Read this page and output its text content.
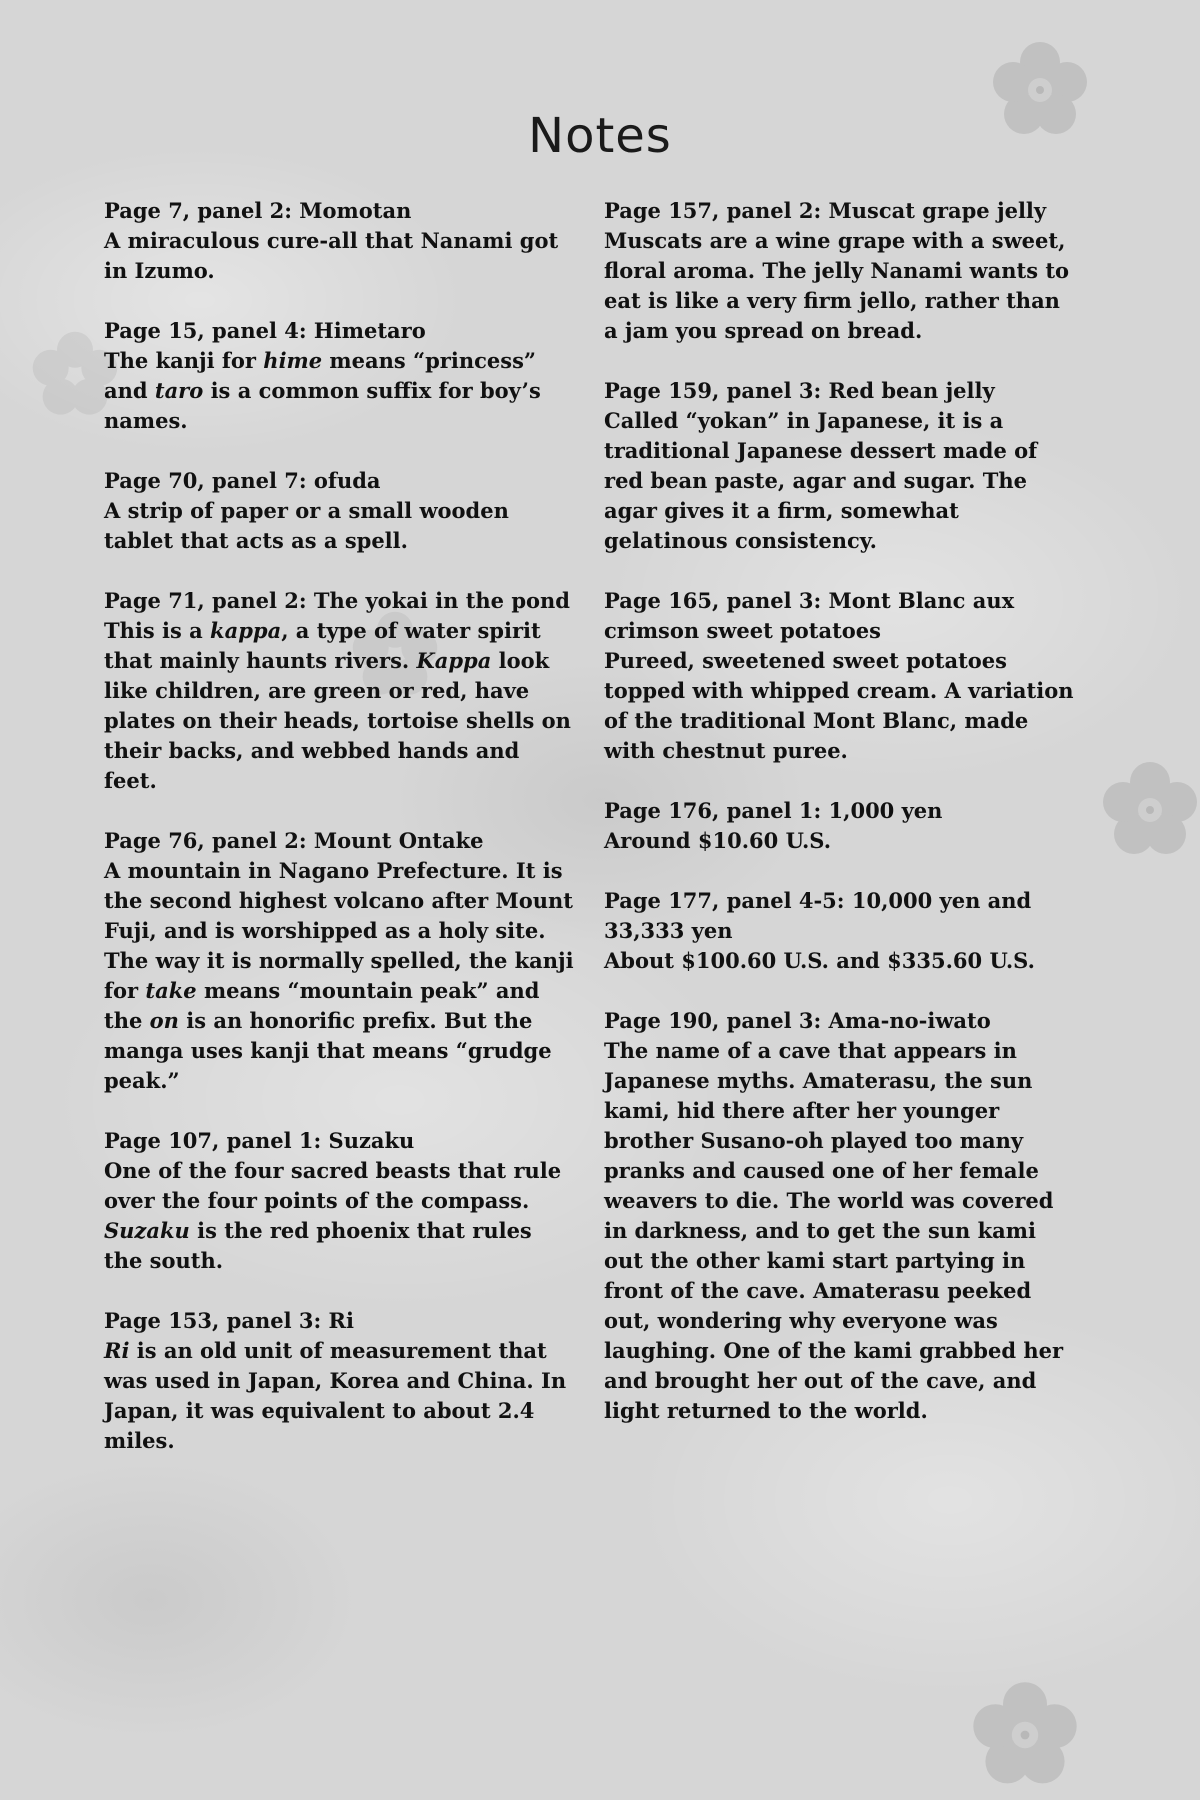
Notes

Page 7, panel 2: Momotan

A miraculous cure-all that Nanami got in Izumo.

Page 15, panel 4: Himetaro

The kanji for hime means “princess” and taro is a common suffix for boy’s names.

Page 70, panel 7: ofuda

A strip of paper or a small wooden tablet that acts as a spell.

Page 71, panel 2: The yokai in the pond

This is a kappa, a type of water spirit that mainly haunts rivers. Kappa look like children, are green or red, have plates on their heads, tortoise shells on their backs, and webbed hands and feet.

Page 76, panel 2: Mount Ontake

A mountain in Nagano Prefecture. It is the second highest volcano after Mount Fuji, and is worshipped as a holy site. The way it is normally spelled, the kanji for take means “mountain peak” and the on is an honorific prefix. But the manga uses kanji that means “grudge peak.”

Page 107, panel 1: Suzaku

One of the four sacred beasts that rule over the four points of the compass. Suzaku is the red phoenix that rules the south.

Page 153, panel 3: Ri

Ri is an old unit of measurement that was used in Japan, Korea and China. In Japan, it was equivalent to about 2.4 miles.

Page 157, panel 2: Muscat grape jelly

Muscats are a wine grape with a sweet, floral aroma. The jelly Nanami wants to eat is like a very firm jello, rather than a jam you spread on bread.

Page 159, panel 3: Red bean jelly

Called “yokan” in Japanese, it is a traditional Japanese dessert made of red bean paste, agar and sugar. The agar gives it a firm, somewhat gelatinous consistency.

Page 165, panel 3: Mont Blanc aux crimson sweet potatoes

Pureed, sweetened sweet potatoes topped with whipped cream. A variation of the traditional Mont Blanc, made with chestnut puree.

Page 176, panel 1: 1,000 yen

Around $10.60 U.S.

Page 177, panel 4-5: 10,000 yen and 33,333 yen

About $100.60 U.S. and $335.60 U.S.

Page 190, panel 3: Ama-no-iwato

The name of a cave that appears in Japanese myths. Amaterasu, the sun kami, hid there after her younger brother Susano-oh played too many pranks and caused one of her female weavers to die. The world was covered in darkness, and to get the sun kami out the other kami start partying in front of the cave. Amaterasu peeked out, wondering why everyone was laughing. One of the kami grabbed her and brought her out of the cave, and light returned to the world.
